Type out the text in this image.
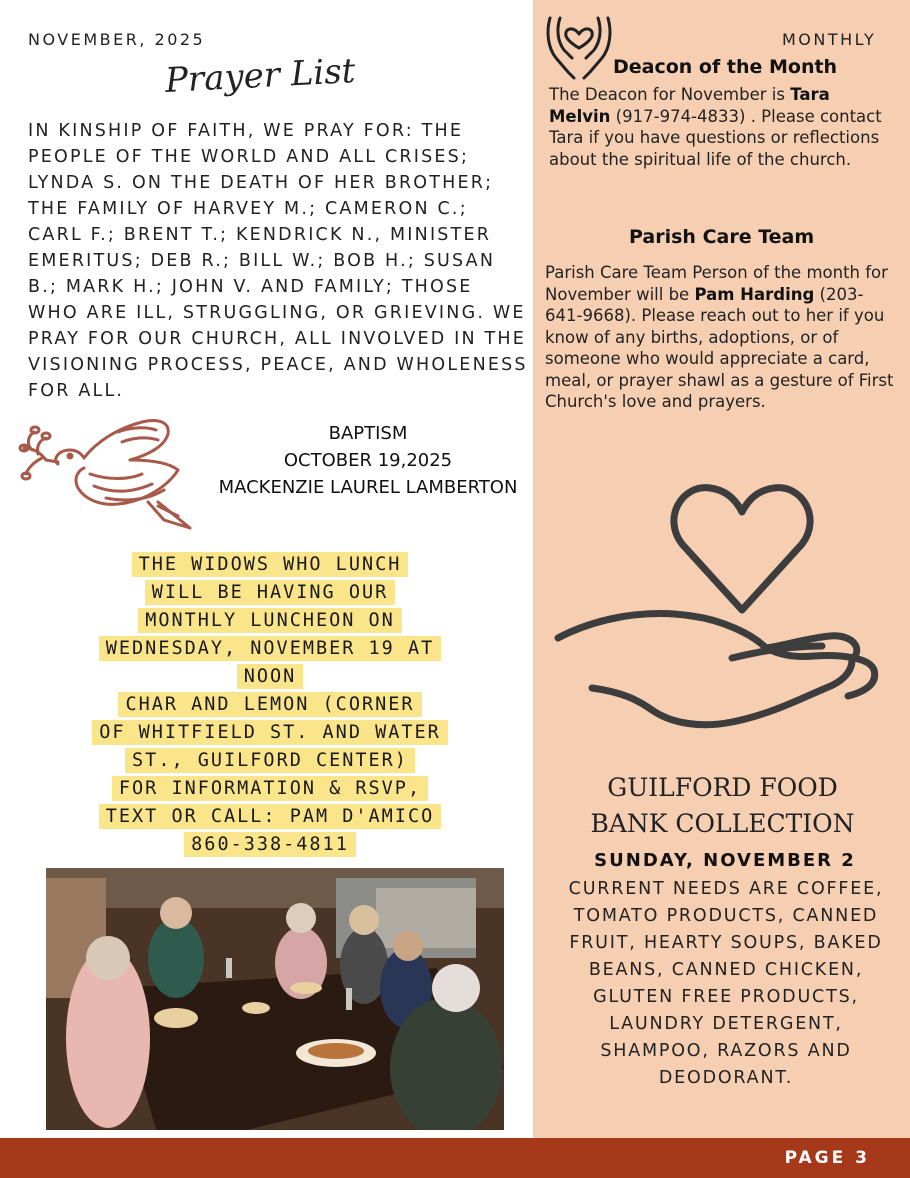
NOVEMBER, 2025
Prayer List
IN KINSHIP OF FAITH, WE PRAY FOR: THE PEOPLE OF THE WORLD AND ALL CRISES; LYNDA S. ON THE DEATH OF HER BROTHER; THE FAMILY OF HARVEY M.; CAMERON C.; CARL F.; BRENT T.; KENDRICK N., MINISTER EMERITUS; DEB R.; BILL W.; BOB H.; SUSAN B.; MARK H.; JOHN V. AND FAMILY; THOSE WHO ARE ILL, STRUGGLING, OR GRIEVING. WE PRAY FOR OUR CHURCH, ALL INVOLVED IN THE VISIONING PROCESS, PEACE, AND WHOLENESS FOR ALL.
BAPTISM
OCTOBER 19,2025
MACKENZIE LAUREL LAMBERTON
THE WIDOWS WHO LUNCH
WILL BE HAVING OUR
MONTHLY LUNCHEON ON
WEDNESDAY, NOVEMBER 19 AT
NOON
CHAR AND LEMON (CORNER
OF WHITFIELD ST. AND WATER
ST., GUILFORD CENTER)
FOR INFORMATION & RSVP,
TEXT OR CALL: PAM D'AMICO
860-338-4811
MONTHLY
Deacon of the Month
The Deacon for November is Tara Melvin (917-974-4833) . Please contact Tara if you have questions or reflections about the spiritual life of the church.
Parish Care Team
Parish Care Team Person of the month for November will be Pam Harding (203-641-9668). Please reach out to her if you know of any births, adoptions, or of someone who would appreciate a card, meal, or prayer shawl as a gesture of First Church's love and prayers.
GUILFORD FOOD
BANK COLLECTION
SUNDAY, NOVEMBER 2
CURRENT NEEDS ARE COFFEE, TOMATO PRODUCTS, CANNED FRUIT, HEARTY SOUPS, BAKED BEANS, CANNED CHICKEN, GLUTEN FREE PRODUCTS, LAUNDRY DETERGENT, SHAMPOO, RAZORS AND DEODORANT.
PAGE 3
